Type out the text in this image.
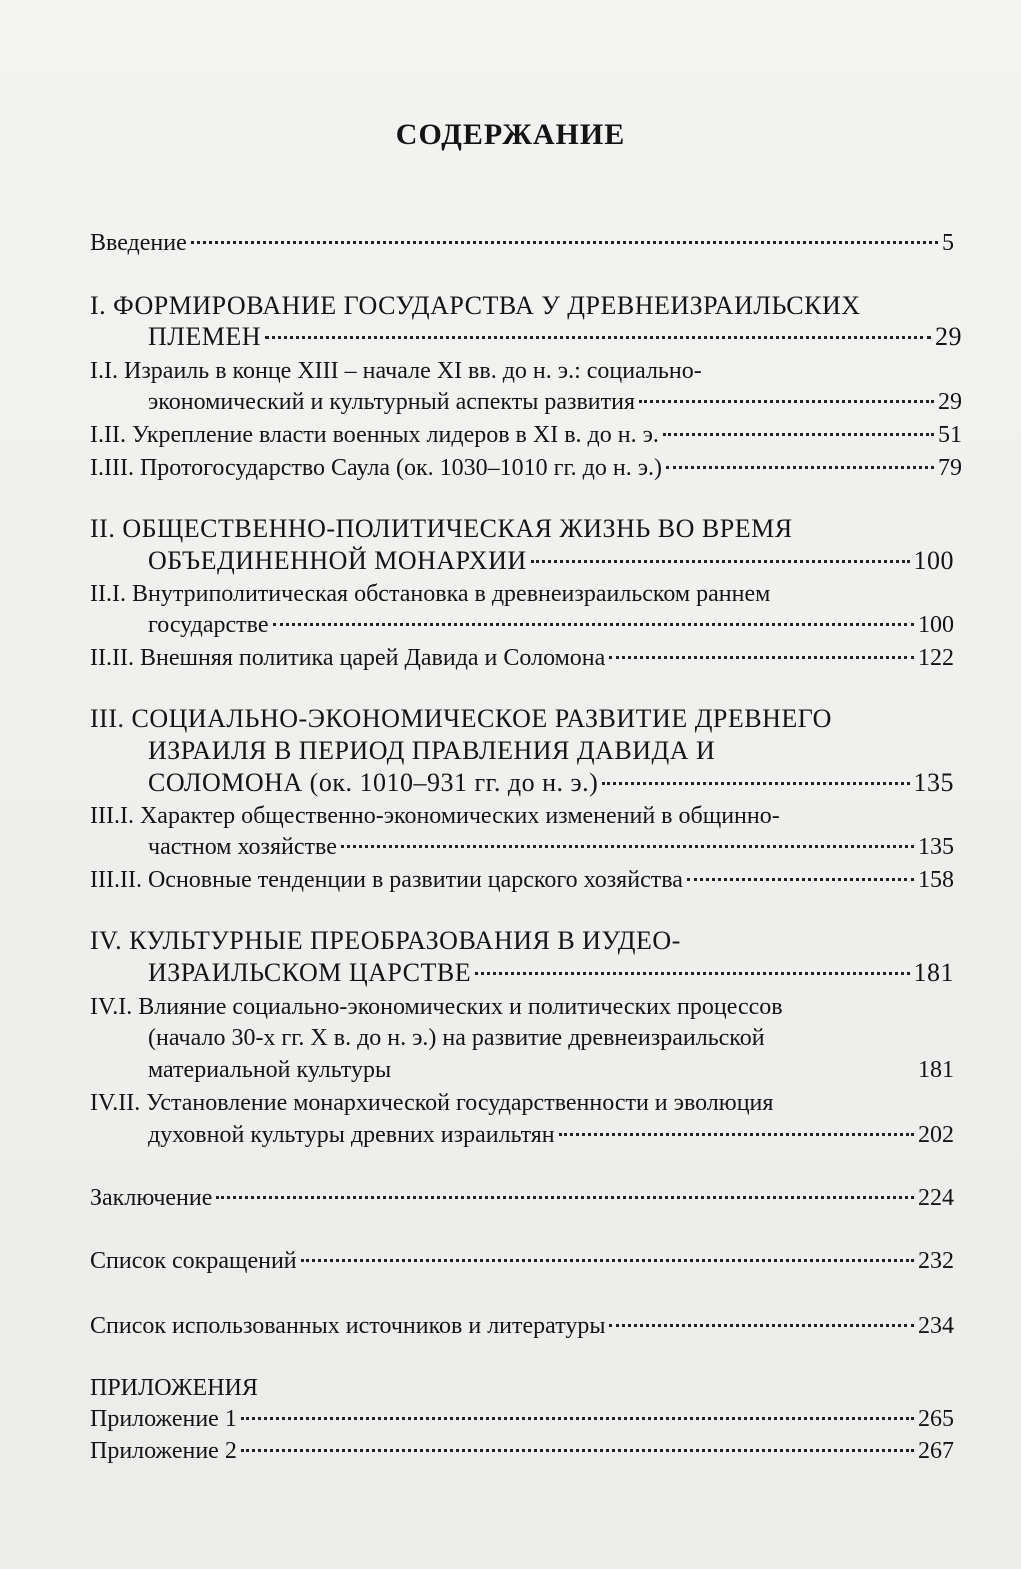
СОДЕРЖАНИЕ
Введение	5
I. ФОРМИРОВАНИЕ ГОСУДАРСТВА У ДРЕВНЕИЗРАИЛЬСКИХ
ПЛЕМЕН	29
I.I. Израиль в конце XIII – начале XI вв. до н. э.: социально-
экономический и культурный аспекты развития	29
I.II. Укрепление власти военных лидеров в XI в. до н. э.	51
I.III. Протогосударство Саула (ок. 1030–1010 гг. до н. э.)	79
II. ОБЩЕСТВЕННО-ПОЛИТИЧЕСКАЯ ЖИЗНЬ ВО ВРЕМЯ
ОБЪЕДИНЕННОЙ МОНАРХИИ	100
II.I. Внутриполитическая обстановка в древнеизраильском раннем
государстве	100
II.II. Внешняя политика царей Давида и Соломона	122
III. СОЦИАЛЬНО-ЭКОНОМИЧЕСКОЕ РАЗВИТИЕ ДРЕВНЕГО
ИЗРАИЛЯ В ПЕРИОД ПРАВЛЕНИЯ ДАВИДА И
СОЛОМОНА (ок. 1010–931 гг. до н. э.)	135
III.I. Характер общественно-экономических изменений в общинно-
частном хозяйстве	135
III.II. Основные тенденции в развитии царского хозяйства	158
IV. КУЛЬТУРНЫЕ ПРЕОБРАЗОВАНИЯ В ИУДЕО-
ИЗРАИЛЬСКОМ ЦАРСТВЕ	181
IV.I. Влияние социально-экономических и политических процессов
(начало 30-х гг. X в. до н. э.) на развитие древнеизраильской
материальной культуры	181
IV.II. Установление монархической государственности и эволюция
духовной культуры древних израильтян	202
Заключение	224
Список сокращений	232
Список использованных источников и литературы	234
ПРИЛОЖЕНИЯ
Приложение 1	265
Приложение 2	267
